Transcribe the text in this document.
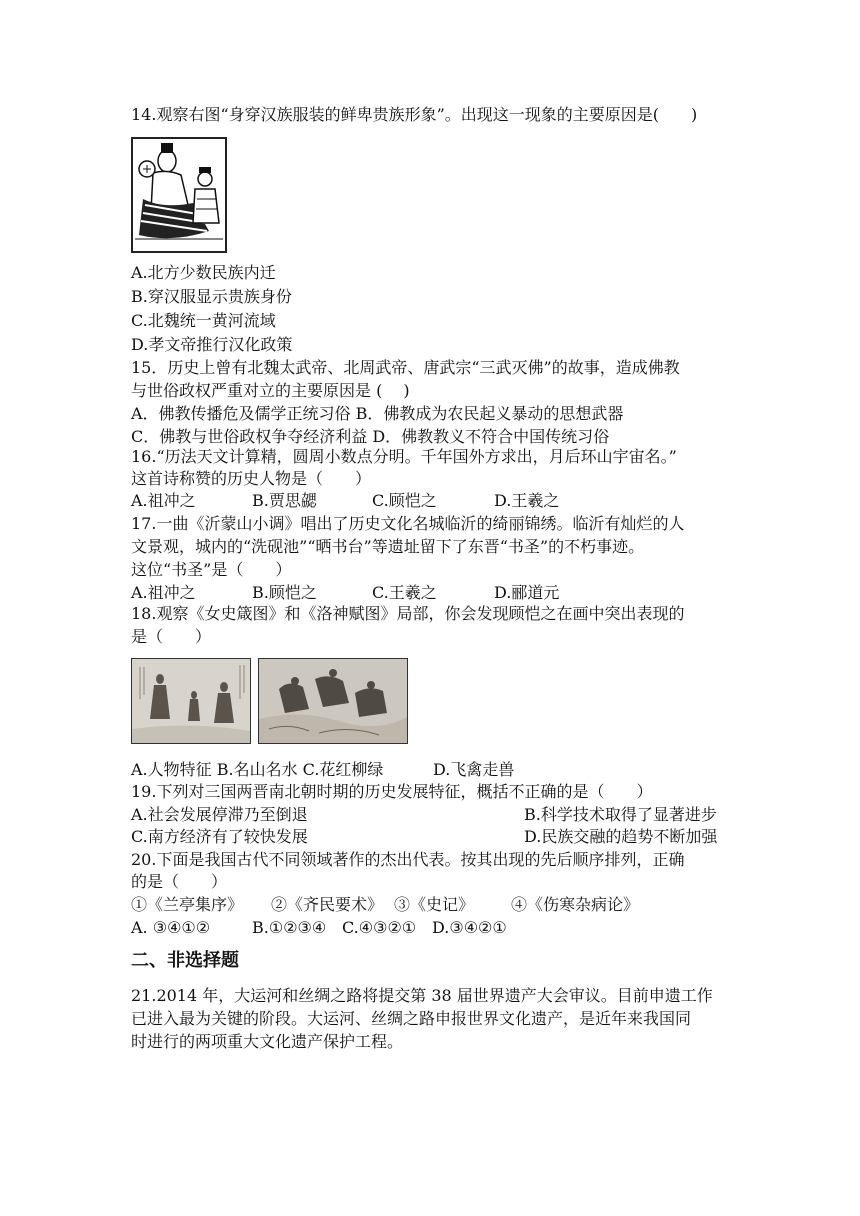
14.观察右图“身穿汉族服装的鲜卑贵族形象”。出现这一现象的主要原因是(　　)
A.北方少数民族内迁
B.穿汉服显示贵族身份
C.北魏统一黄河流域
D.孝文帝推行汉化政策
15．历史上曾有北魏太武帝、北周武帝、唐武宗“三武灭佛”的故事，造成佛教
与世俗政权严重对立的主要原因是 (　 )
A．佛教传播危及儒学正统习俗 B．佛教成为农民起义暴动的思想武器
C．佛教与世俗政权争夺经济利益 D．佛教教义不符合中国传统习俗
16.“历法天文计算精，圆周小数点分明。千年国外方求出，月后环山宇宙名。”
这首诗称赞的历史人物是（　　）
A.祖冲之	B.贾思勰	C.顾恺之	D.王羲之
17.一曲《沂蒙山小调》唱出了历史文化名城临沂的绮丽锦绣。临沂有灿烂的人
文景观，城内的“洗砚池”“晒书台”等遗址留下了东晋“书圣”的不朽事迹。
这位“书圣”是（　　）
A.祖冲之	B.顾恺之	C.王羲之	D.郦道元
18.观察《女史箴图》和《洛神赋图》局部，你会发现顾恺之在画中突出表现的
是（　　）
A.人物特征 B.名山名水 C.花红柳绿	D.飞禽走兽
19.下列对三国两晋南北朝时期的历史发展特征，概括不正确的是（　　）
A.社会发展停滞乃至倒退	B.科学技术取得了显著进步
C.南方经济有了较快发展	D.民族交融的趋势不断加强
20.下面是我国古代不同领域著作的杰出代表。按其出现的先后顺序排列，正确
的是（　　）
①《兰亭集序》 ②《齐民要术》 ③《史记》 ④《伤寒杂病论》
A. ③④①②	B.①②③④ C.④③②① D.③④②①
二、非选择题
21.2014 年，大运河和丝绸之路将提交第 38 届世界遗产大会审议。目前申遗工作
已进入最为关键的阶段。大运河、丝绸之路申报世界文化遗产，是近年来我国同
时进行的两项重大文化遗产保护工程。
